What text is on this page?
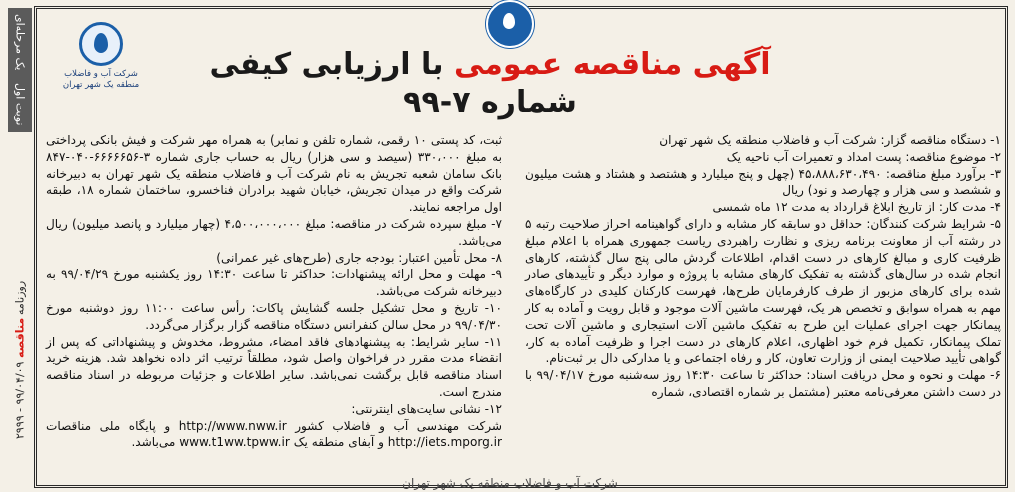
نوبت اول
یک مرحله‌ای
روزنامه

مناقصه

۹۹/۰۴/۰۹ - ۲۹۹۹
شرکت آب و فاضلاب
منطقه یک شهر تهران
آگهی مناقصه عمومی با ارزیابی کیفی شماره ۷-۹۹

۱- دستگاه مناقصه گزار: شرکت آب و فاضلاب منطقه یک شهر تهران

۲- موضوع مناقصه: پست امداد و تعمیرات آب ناحیه یک

۳- برآورد مبلغ مناقصه: ۴۵،۸۸۸،۶۳۰،۴۹۰ (چهل و پنج میلیارد و هشتصد و هشتاد و هشت میلیون و ششصد و سی هزار و چهارصد و نود) ریال

۴- مدت کار: از تاریخ ابلاغ قرارداد به مدت ۱۲ ماه شمسی

۵- شرایط شرکت کنندگان: حداقل دو سابقه کار مشابه و دارای گواهینامه احراز صلاحیت رتبه ۵ در رشته آب از معاونت برنامه ریزی و نظارت راهبردی ریاست جمهوری همراه با اعلام مبلغ ظرفیت کاری و مبالغ کارهای در دست اقدام، اطلاعات گردش مالی پنج سال گذشته، کارهای انجام شده در سال‌های گذشته به تفکیک کارهای مشابه با پروژه و موارد دیگر و تأییدهای صادر شده برای کارهای مزبور از طرف کارفرمایان طرح‌ها، فهرست کارکنان کلیدی در کارگاه‌های مهم به همراه سوابق و تخصص هر یک، فهرست ماشین آلات موجود و قابل رویت و آماده به کار پیمانکار جهت اجرای عملیات این طرح به تفکیک ماشین آلات استیجاری و ماشین آلات تحت تملک پیمانکار، تکمیل فرم خود اظهاری، اعلام کارهای در دست اجرا و ظرفیت آماده به کار، گواهی تأیید صلاحیت ایمنی از وزارت تعاون، کار و رفاه اجتماعی و یا مدارکی دال بر ثبت‌نام.

۶- مهلت و نحوه و محل دریافت اسناد: حداکثر تا ساعت ۱۴:۳۰ روز سه‌شنبه مورخ ۹۹/۰۴/۱۷ با در دست داشتن معرفی‌نامه معتبر (مشتمل بر شماره اقتصادی، شماره

ثبت، کد پستی ۱۰ رقمی، شماره تلفن و نمابر) به همراه مهر شرکت و فیش بانکی پرداختی به مبلغ ۳۳۰،۰۰۰ (سیصد و سی هزار) ریال به حساب جاری شماره ۳-۶۶۶۶۶۵۶-۰۴۰-۸۴۷ بانک سامان شعبه تجریش به نام شرکت آب و فاضلاب منطقه یک شهر تهران به دبیرخانه شرکت واقع در میدان تجریش، خیابان شهید برادران فناخسرو، ساختمان شماره ۱۸، طبقه اول مراجعه نمایند.

۷- مبلغ سپرده شرکت در مناقصه: مبلغ ۴،۵۰۰،۰۰۰،۰۰۰ (چهار میلیارد و پانصد میلیون) ریال می‌باشد.

۸- محل تأمین اعتبار: بودجه جاری (طرح‌های غیر عمرانی)

۹- مهلت و محل ارائه پیشنهادات: حداکثر تا ساعت ۱۴:۳۰ روز یکشنبه مورخ ۹۹/۰۴/۲۹ به دبیرخانه شرکت می‌باشد.

۱۰- تاریخ و محل تشکیل جلسه گشایش پاکات: رأس ساعت ۱۱:۰۰ روز دوشنبه مورخ ۹۹/۰۴/۳۰ در محل سالن کنفرانس دستگاه مناقصه گزار برگزار می‌گردد.

۱۱- سایر شرایط: به پیشنهادهای فاقد امضاء، مشروط، مخدوش و پیشنهاداتی که پس از انقضاء مدت مقرر در فراخوان واصل شود، مطلقاً ترتیب اثر داده نخواهد شد. هزینه خرید اسناد مناقصه قابل برگشت نمی‌باشد. سایر اطلاعات و جزئیات مربوطه در اسناد مناقصه مندرج است.

۱۲- نشانی سایت‌های اینترنتی:

شرکت مهندسی آب و فاضلاب کشور http://www.nww.ir و پایگاه ملی مناقصات http://iets.mporg.ir و آبفای منطقه یک www.t1ww.tpww.ir می‌باشد.

شرکت آب و فاضلاب منطقه یک شهر تهران
